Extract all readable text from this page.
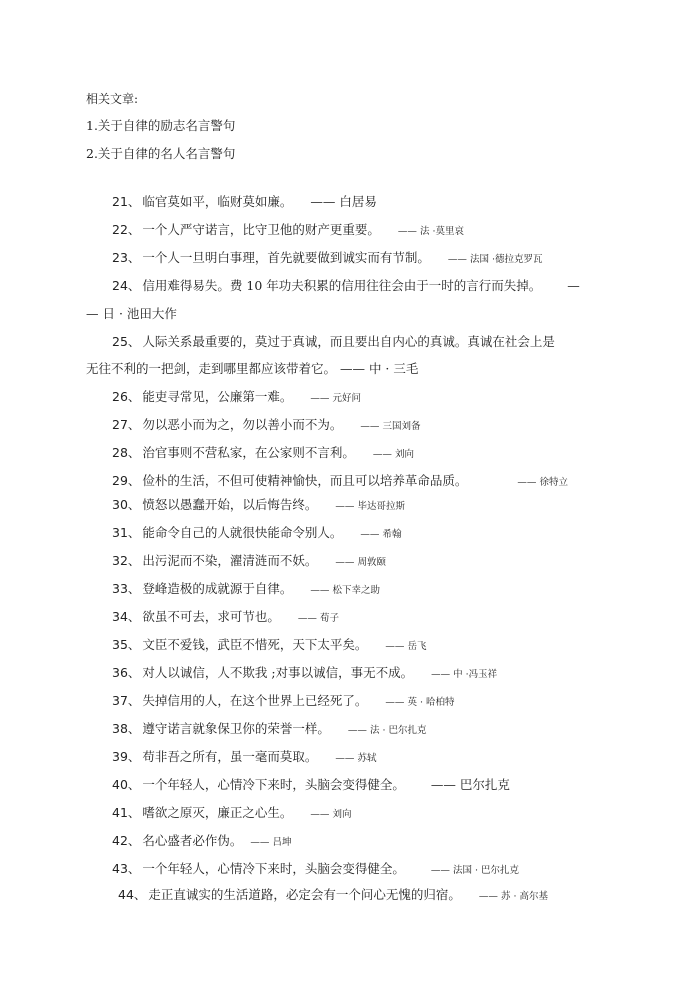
相关文章:
1.关于自律的励志名言警句
2.关于自律的名人名言警句
21、 临官莫如平，临财莫如廉。 —— 白居易
22、 一个人严守诺言，比守卫他的财产更重要。 —— 法 ·莫里哀
23、 一个人一旦明白事理，首先就要做到诚实而有节制。 —— 法国 ·德拉克罗瓦
24、 信用难得易失。费 10 年功夫积累的信用往往会由于一时的言行而失掉。 —
— 日 · 池田大作
25、 人际关系最重要的，莫过于真诚，而且要出自内心的真诚。真诚在社会上是
无往不利的一把剑，走到哪里都应该带着它。 —— 中 · 三毛
26、 能吏寻常见，公廉第一难。 —— 元好问
27、 勿以恶小而为之，勿以善小而不为。 —— 三国刘备
28、 治官事则不营私家，在公家则不言利。 —— 刘向
29、 俭朴的生活，不但可使精神愉快，而且可以培养革命品质。	—— 徐特立
30、 愤怒以愚蠢开始，以后悔告终。 —— 毕达哥拉斯
31、 能命令自己的人就很快能命令别人。 —— 希翰
32、 出污泥而不染，濯清涟而不妖。 —— 周敦颐
33、 登峰造极的成就源于自律。 —— 松下幸之助
34、 欲虽不可去，求可节也。 —— 荀子
35、 文臣不爱钱，武臣不惜死，天下太平矣。 —— 岳飞
36、 对人以诚信，人不欺我 ;对事以诚信，事无不成。 —— 中 ·冯玉祥
37、 失掉信用的人，在这个世界上已经死了。 —— 英 · 哈柏特
38、 遵守诺言就象保卫你的荣誉一样。 —— 法 · 巴尔扎克
39、 苟非吾之所有，虽一毫而莫取。 —— 苏轼
40、 一个年轻人，心情冷下来时，头脑会变得健全。 —— 巴尔扎克
41、 嗜欲之原灭，廉正之心生。 —— 刘向
42、 名心盛者必作伪。 —— 吕坤
43、 一个年轻人，心情冷下来时，头脑会变得健全。	—— 法国 · 巴尔扎克
44、 走正直诚实的生活道路，必定会有一个问心无愧的归宿。 —— 苏 · 高尔基
